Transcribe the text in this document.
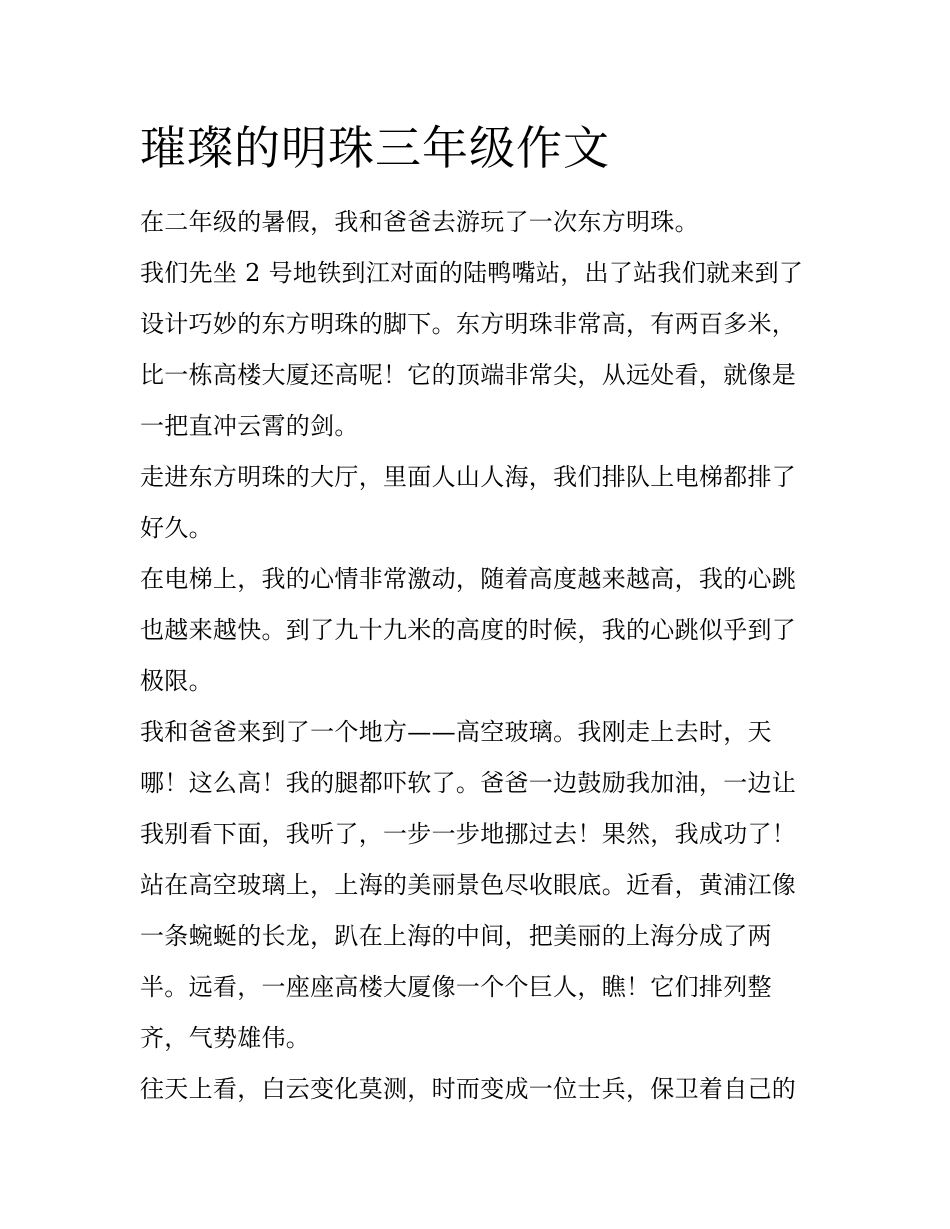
璀璨的明珠三年级作文
在二年级的暑假，我和爸爸去游玩了一次东方明珠。
我们先坐 2 号地铁到江对面的陆鸭嘴站，出了站我们就来到了
设计巧妙的东方明珠的脚下。东方明珠非常高，有两百多米，
比一栋高楼大厦还高呢！它的顶端非常尖，从远处看，就像是
一把直冲云霄的剑。
走进东方明珠的大厅，里面人山人海，我们排队上电梯都排了
好久。
在电梯上，我的心情非常激动，随着高度越来越高，我的心跳
也越来越快。到了九十九米的高度的时候，我的心跳似乎到了
极限。
我和爸爸来到了一个地方——高空玻璃。我刚走上去时，天
哪！这么高！我的腿都吓软了。爸爸一边鼓励我加油，一边让
我别看下面，我听了，一步一步地挪过去！果然，我成功了！
站在高空玻璃上，上海的美丽景色尽收眼底。近看，黄浦江像
一条蜿蜒的长龙，趴在上海的中间，把美丽的上海分成了两
半。远看，一座座高楼大厦像一个个巨人，瞧！它们排列整
齐，气势雄伟。
往天上看，白云变化莫测，时而变成一位士兵，保卫着自己的
